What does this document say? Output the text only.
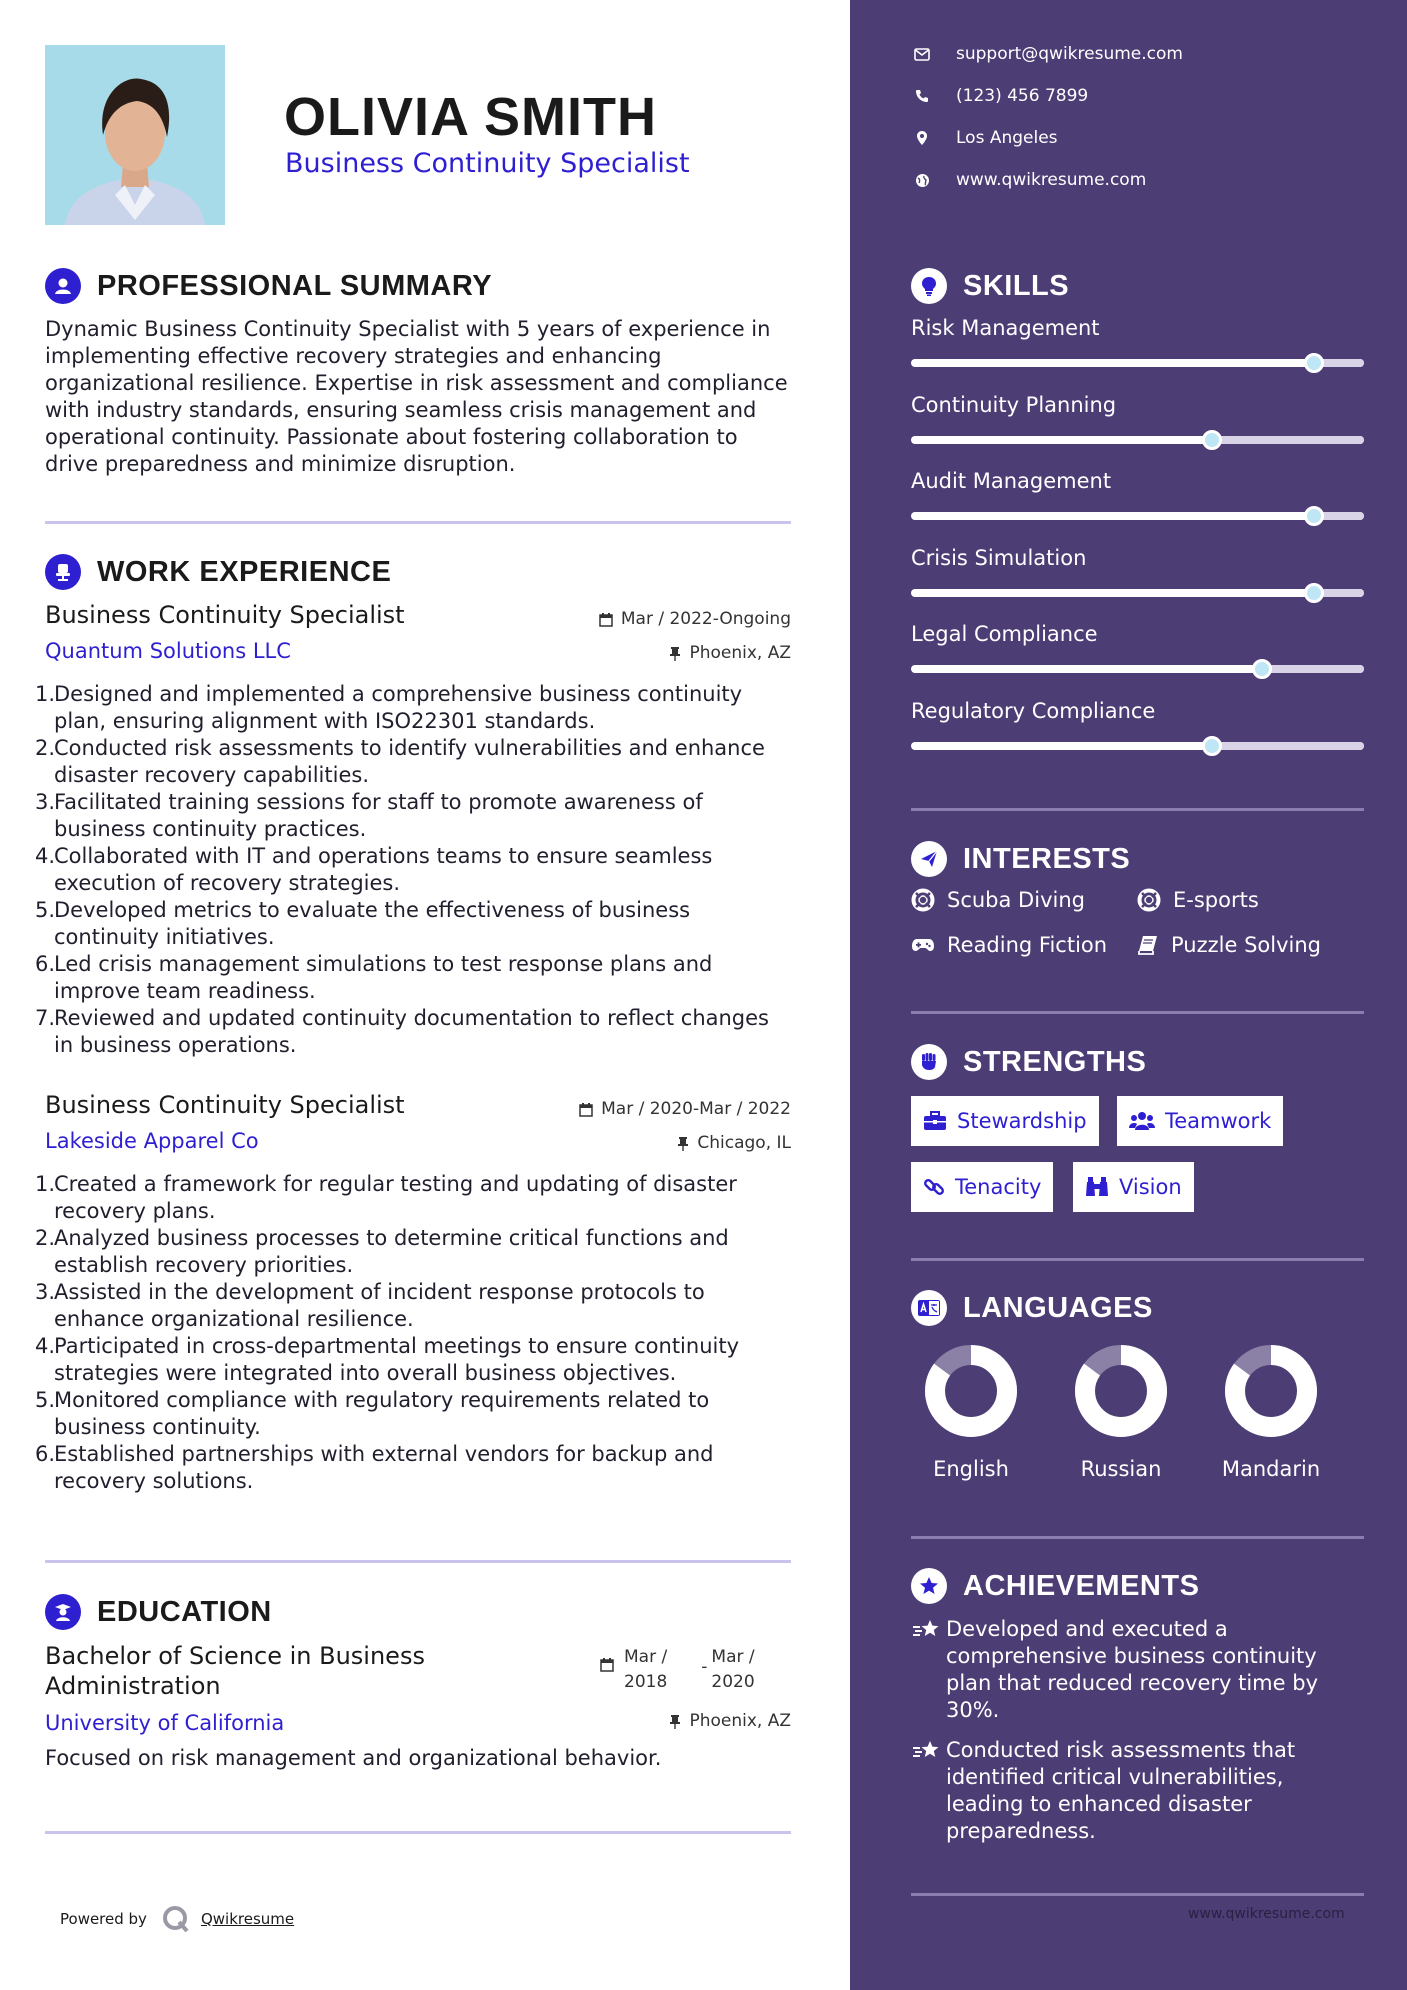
OLIVIA SMITH
Business Continuity Specialist
PROFESSIONAL SUMMARY
Dynamic Business Continuity Specialist with 5 years of experience in
implementing effective recovery strategies and enhancing
organizational resilience. Expertise in risk assessment and compliance
with industry standards, ensuring seamless crisis management and
operational continuity. Passionate about fostering collaboration to
drive preparedness and minimize disruption.
WORK EXPERIENCE
Business Continuity Specialist
Quantum Solutions LLC
Mar / 2022-Ongoing
Phoenix, AZ
1.
Designed and implemented a comprehensive business continuity
plan, ensuring alignment with ISO22301 standards.
2.
Conducted risk assessments to identify vulnerabilities and enhance
disaster recovery capabilities.
3.
Facilitated training sessions for staff to promote awareness of
business continuity practices.
4.
Collaborated with IT and operations teams to ensure seamless
execution of recovery strategies.
5.
Developed metrics to evaluate the effectiveness of business
continuity initiatives.
6.
Led crisis management simulations to test response plans and
improve team readiness.
7.
Reviewed and updated continuity documentation to reflect changes
in business operations.
Business Continuity Specialist
Lakeside Apparel Co
Mar / 2020-Mar / 2022
Chicago, IL
1.
Created a framework for regular testing and updating of disaster
recovery plans.
2.
Analyzed business processes to determine critical functions and
establish recovery priorities.
3.
Assisted in the development of incident response protocols to
enhance organizational resilience.
4.
Participated in cross-departmental meetings to ensure continuity
strategies were integrated into overall business objectives.
5.
Monitored compliance with regulatory requirements related to
business continuity.
6.
Established partnerships with external vendors for backup and
recovery solutions.
EDUCATION
Bachelor of Science in Business
Administration
University of California
Mar /
2018
- Mar /
2020
Phoenix, AZ
Focused on risk management and organizational behavior.
Powered by	Qwikresume
support@qwikresume.com
(123) 456 7899
Los Angeles
www.qwikresume.com
SKILLS
Risk Management
Continuity Planning
Audit Management
Crisis Simulation
Legal Compliance
Regulatory Compliance
INTERESTS
Scuba Diving	E-sports
Reading Fiction	Puzzle Solving
STRENGTHS
Stewardship	Teamwork
Tenacity	Vision
LANGUAGES
English	Russian	Mandarin
ACHIEVEMENTS
Developed and executed a
comprehensive business continuity
plan that reduced recovery time by
30%.
Conducted risk assessments that
identified critical vulnerabilities,
leading to enhanced disaster
preparedness.
www.qwikresume.com
